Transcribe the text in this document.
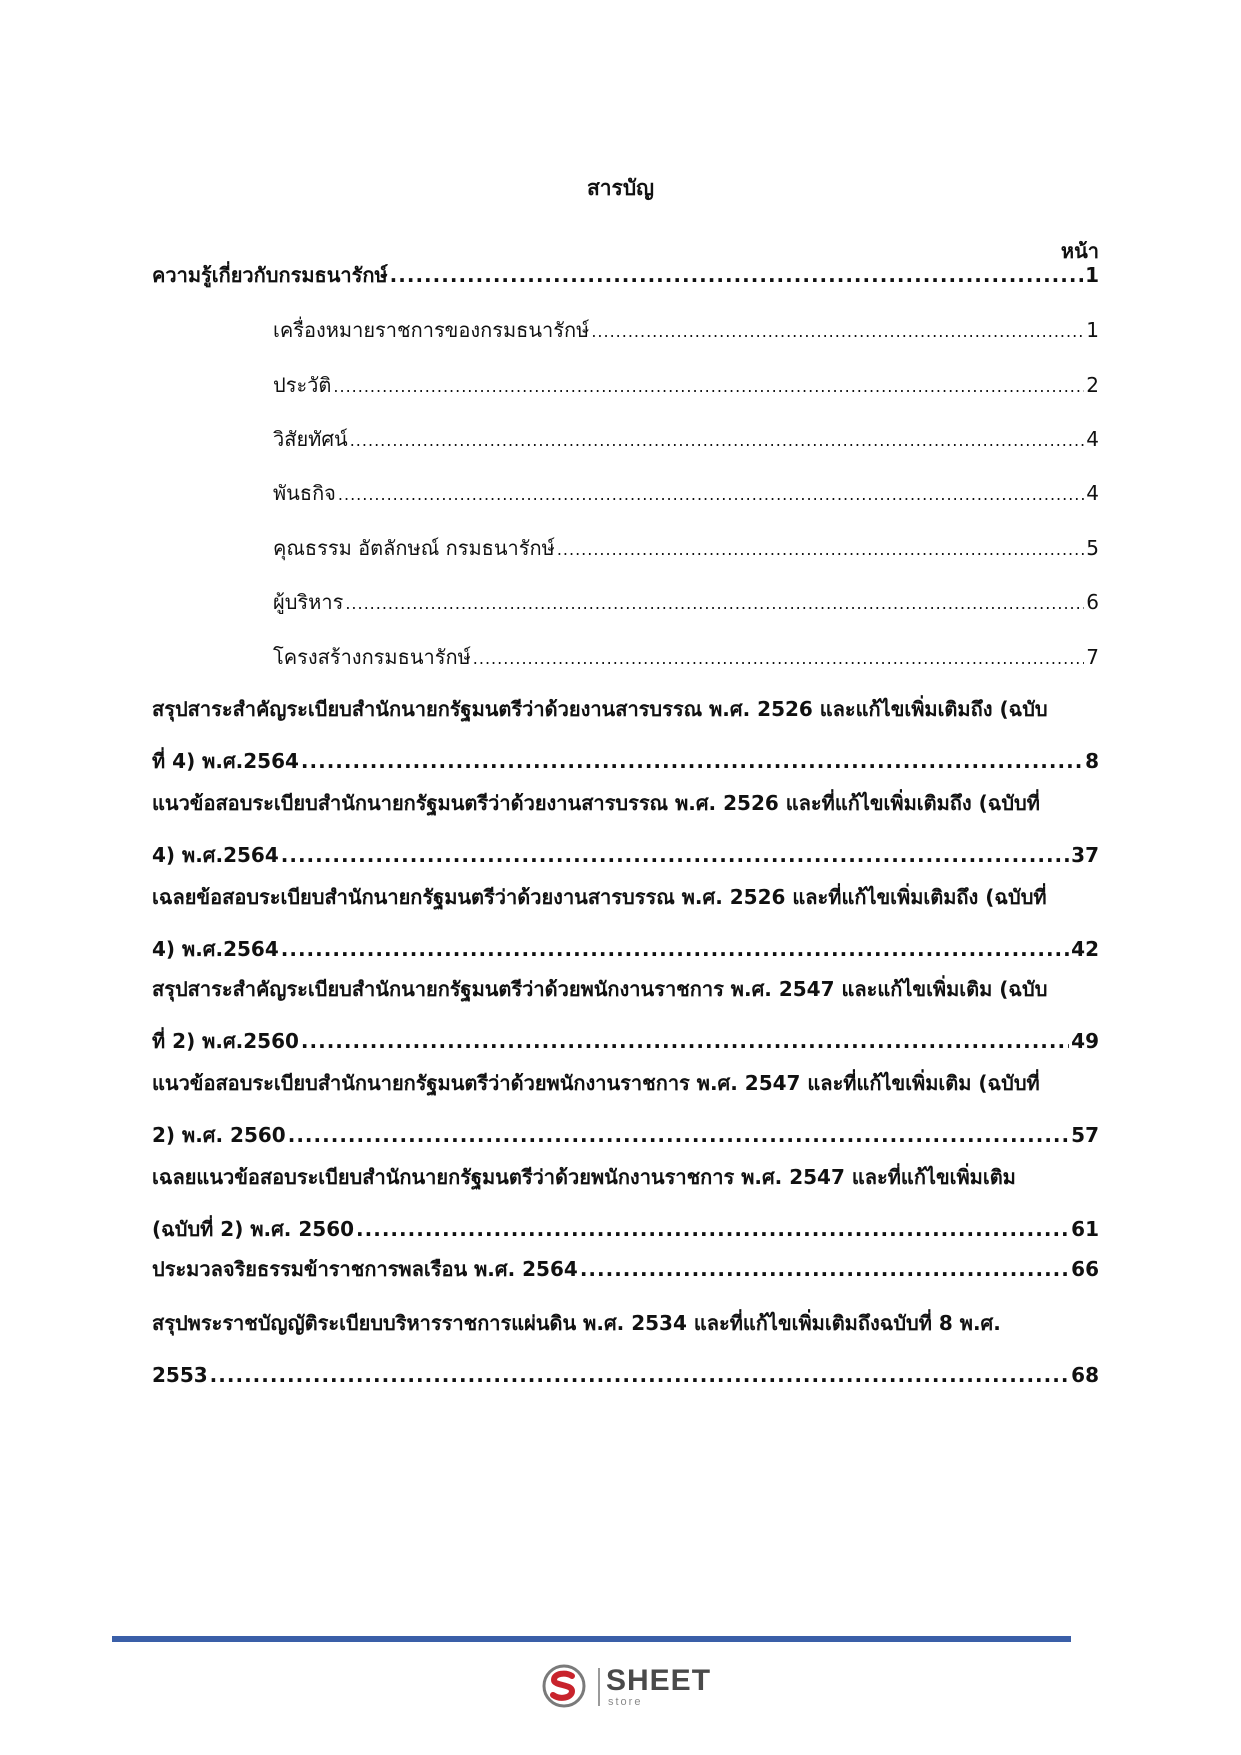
สารบัญ
หน้า
ความรู้เกี่ยวกับกรมธนารักษ์ .....	1
เครื่องหมายราชการของกรมธนารักษ์ .....	1
ประวัติ .....	2
วิสัยทัศน์ .....	4
พันธกิจ .....	4
คุณธรรม อัตลักษณ์ กรมธนารักษ์ .....	5
ผู้บริหาร .....	6
โครงสร้างกรมธนารักษ์ .....	7
สรุปสาระสำคัญระเบียบสำนักนายกรัฐมนตรีว่าด้วยงานสารบรรณ พ.ศ. 2526 และแก้ไขเพิ่มเติมถึง (ฉบับ
ที่ 4) พ.ศ.2564 .....	8
แนวข้อสอบระเบียบสำนักนายกรัฐมนตรีว่าด้วยงานสารบรรณ พ.ศ. 2526 และที่แก้ไขเพิ่มเติมถึง (ฉบับที่
4) พ.ศ.2564 .....	37
เฉลยข้อสอบระเบียบสำนักนายกรัฐมนตรีว่าด้วยงานสารบรรณ พ.ศ. 2526 และที่แก้ไขเพิ่มเติมถึง (ฉบับที่
4) พ.ศ.2564 .....	42
สรุปสาระสำคัญระเบียบสำนักนายกรัฐมนตรีว่าด้วยพนักงานราชการ พ.ศ. 2547 และแก้ไขเพิ่มเติม (ฉบับ
ที่ 2) พ.ศ.2560 .....	49
แนวข้อสอบระเบียบสำนักนายกรัฐมนตรีว่าด้วยพนักงานราชการ พ.ศ. 2547 และที่แก้ไขเพิ่มเติม (ฉบับที่
2) พ.ศ. 2560 .....	57
เฉลยแนวข้อสอบระเบียบสำนักนายกรัฐมนตรีว่าด้วยพนักงานราชการ พ.ศ. 2547 และที่แก้ไขเพิ่มเติม
(ฉบับที่ 2) พ.ศ. 2560 .....	61
ประมวลจริยธรรมข้าราชการพลเรือน พ.ศ. 2564 .....	66
สรุปพระราชบัญญัติระเบียบบริหารราชการแผ่นดิน พ.ศ. 2534 และที่แก้ไขเพิ่มเติมถึงฉบับที่ 8 พ.ศ.
2553 .....	68
SHEET
store
